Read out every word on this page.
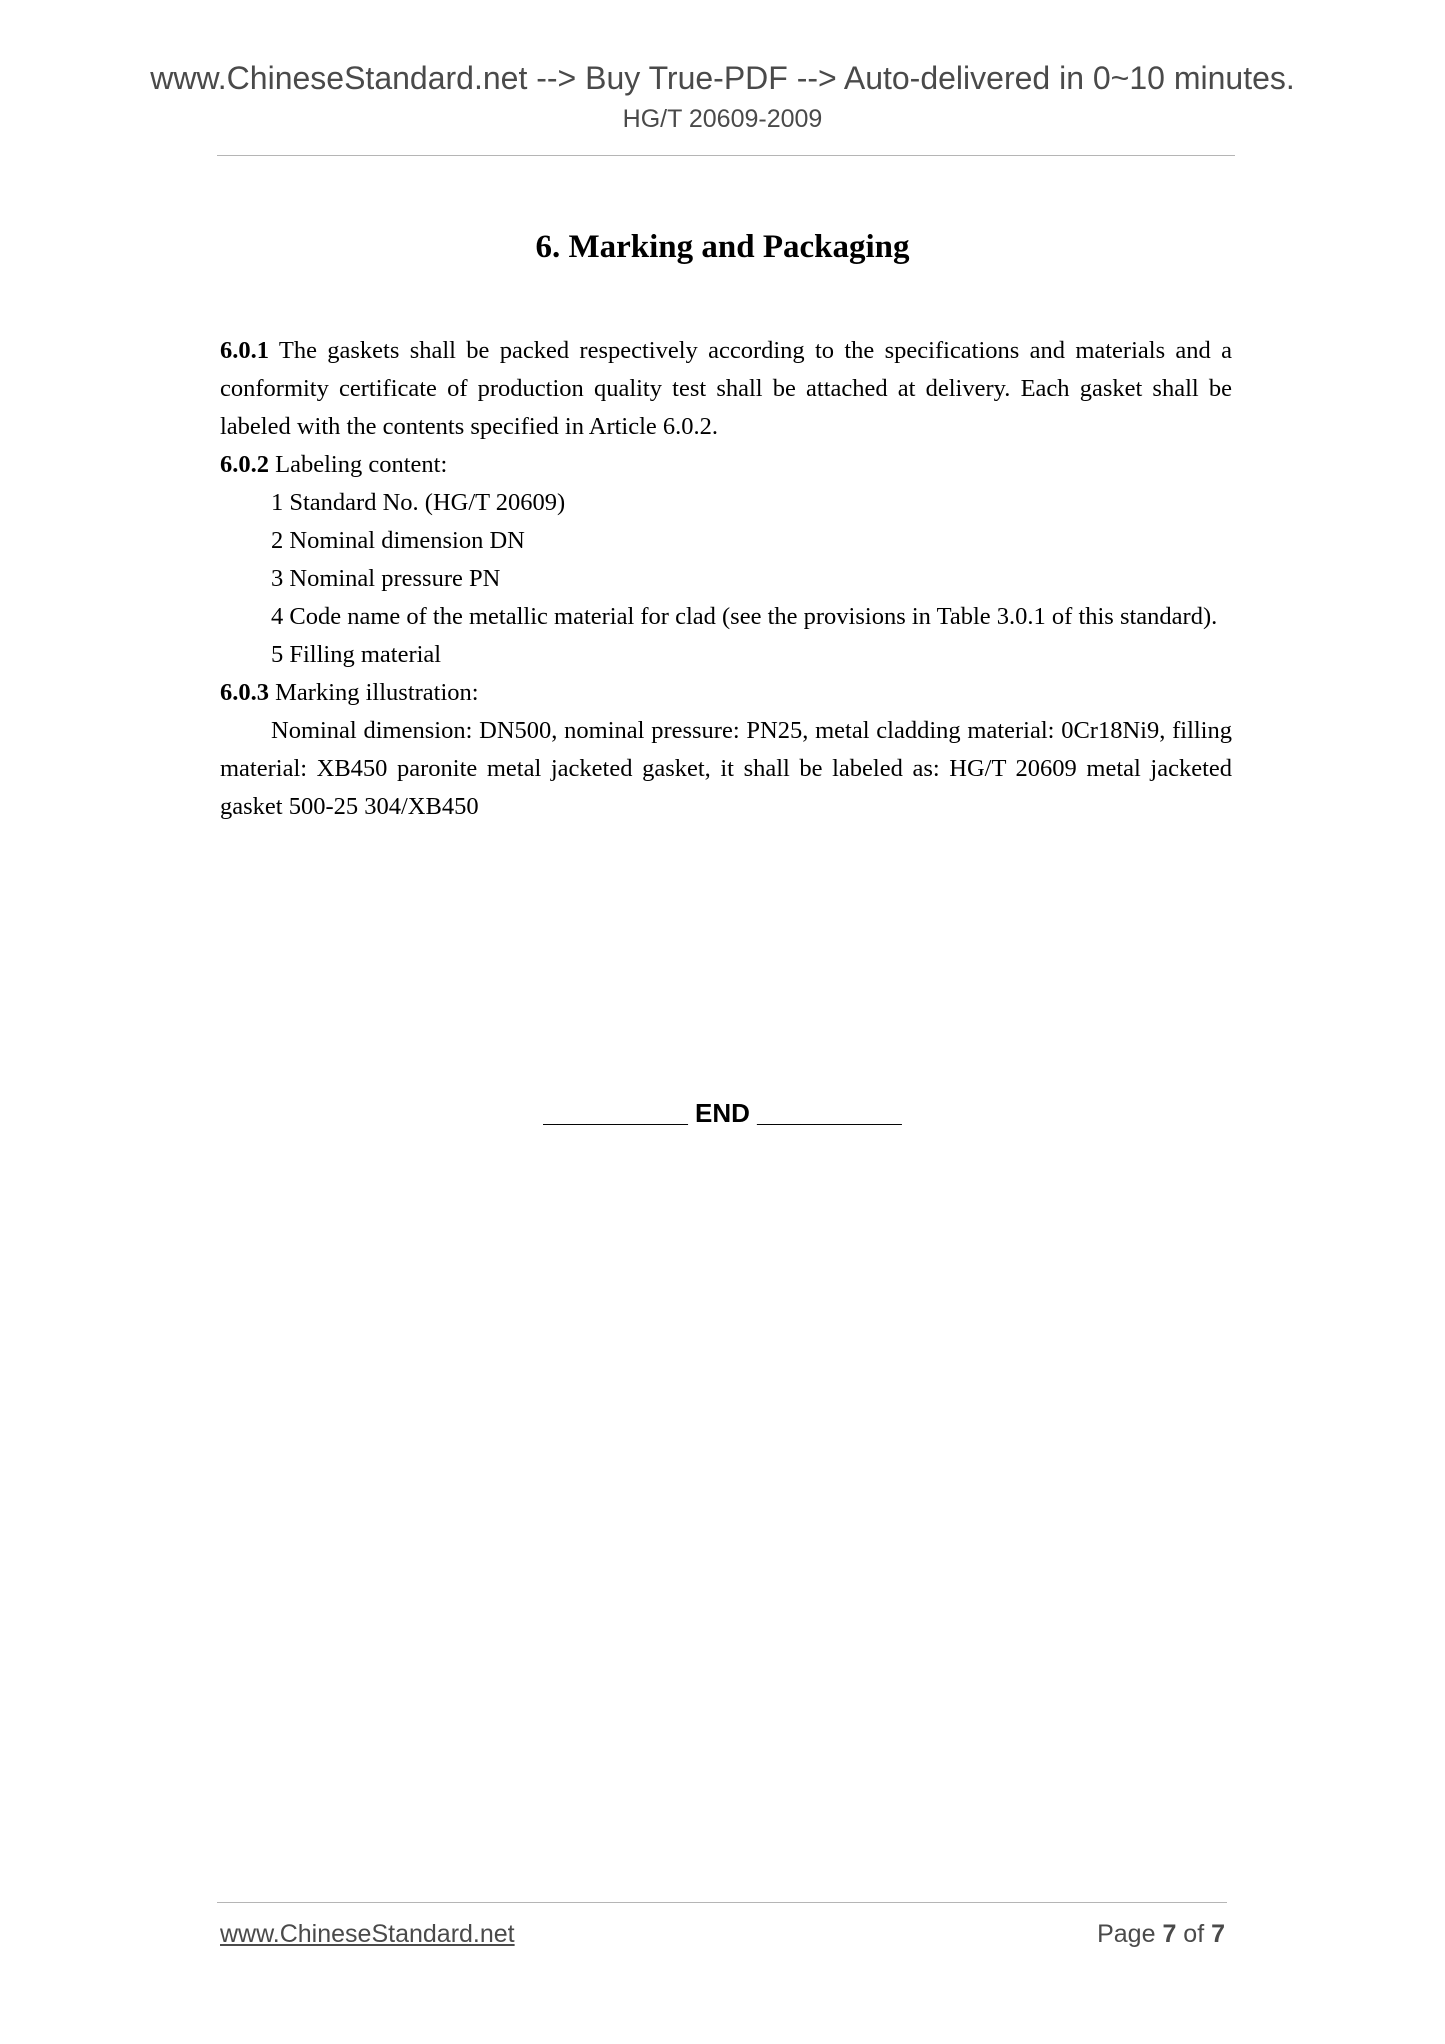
www.ChineseStandard.net --> Buy True-PDF --> Auto-delivered in 0~10 minutes.
HG/T 20609-2009
6. Marking and Packaging

6.0.1 The gaskets shall be packed respectively according to the specifications and materials and a conformity certificate of production quality test shall be attached at delivery. Each gasket shall be labeled with the contents specified in Article 6.0.2.

6.0.2 Labeling content:

1 Standard No. (HG/T 20609)

2 Nominal dimension DN

3 Nominal pressure PN

4 Code name of the metallic material for clad (see the provisions in Table 3.0.1 of this standard).

5 Filling material

6.0.3 Marking illustration:

Nominal dimension: DN500, nominal pressure: PN25, metal cladding material: 0Cr18Ni9, filling material: XB450 paronite metal jacketed gasket, it shall be labeled as: HG/T 20609 metal jacketed gasket 500-25 304/XB450

__________ END __________
www.ChineseStandard.net	Page 7 of 7
